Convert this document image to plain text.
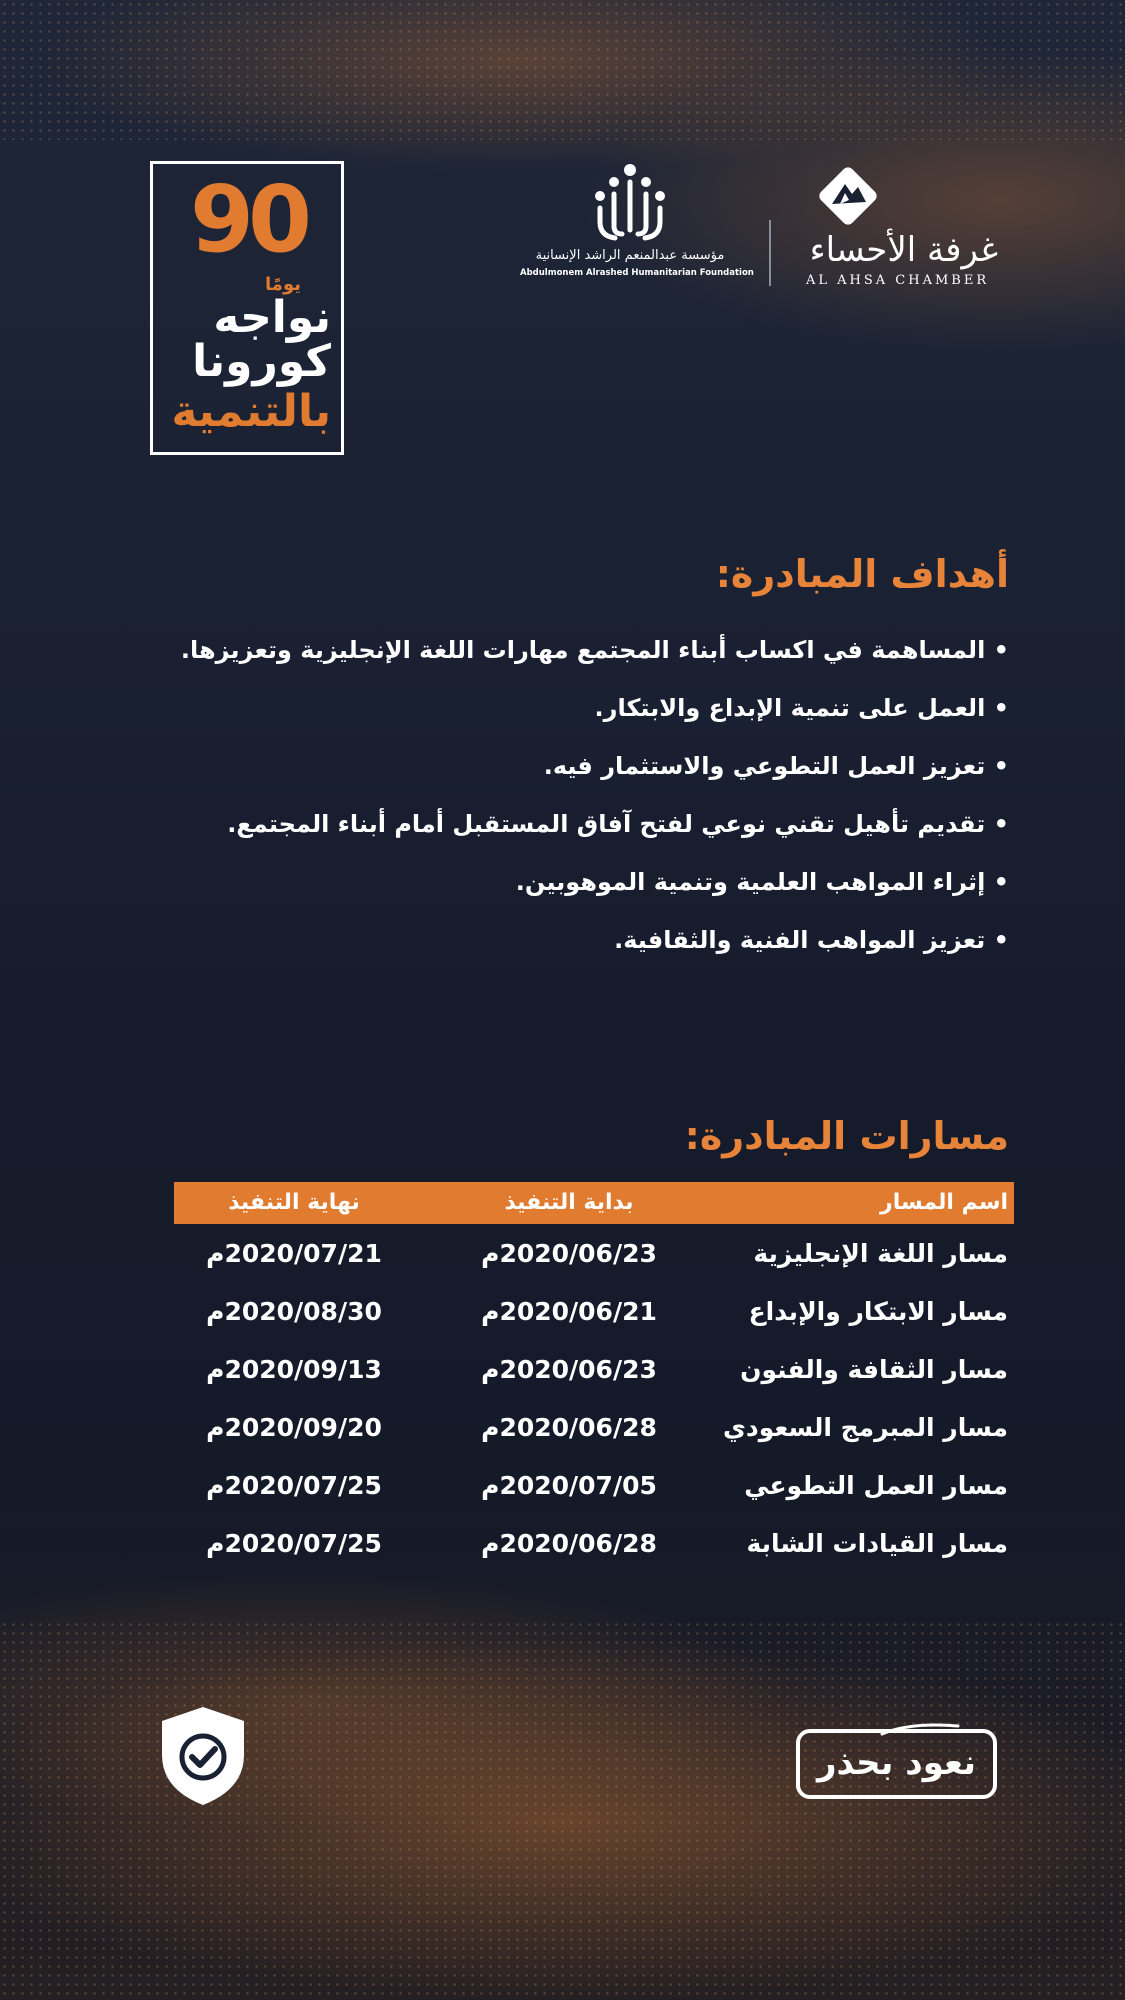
90
يومًا
نواجه
كورونا
بالتنمية
مؤسسة عبدالمنعم الراشد الإنسانية
Abdulmonem Alrashed Humanitarian Foundation
غرفة الأحساء
AL AHSA CHAMBER
أهداف المبادرة:
• المساهمة في اكساب أبناء المجتمع مهارات اللغة الإنجليزية وتعزيزها.
• العمل على تنمية الإبداع والابتكار.
• تعزيز العمل التطوعي والاستثمار فيه.
• تقديم تأهيل تقني نوعي لفتح آفاق المستقبل أمام أبناء المجتمع.
• إثراء المواهب العلمية وتنمية الموهوبين.
• تعزيز المواهب الفنية والثقافية.
مسارات المبادرة:
اسم المسار
بداية التنفيذ
نهاية التنفيذ
مسار اللغة الإنجليزية
2020/06/23م
2020/07/21م
مسار الابتكار والإبداع
2020/06/21م
2020/08/30م
مسار الثقافة والفنون
2020/06/23م
2020/09/13م
مسار المبرمج السعودي
2020/06/28م
2020/09/20م
مسار العمل التطوعي
2020/07/05م
2020/07/25م
مسار القيادات الشابة
2020/06/28م
2020/07/25م
نعود بحذر
